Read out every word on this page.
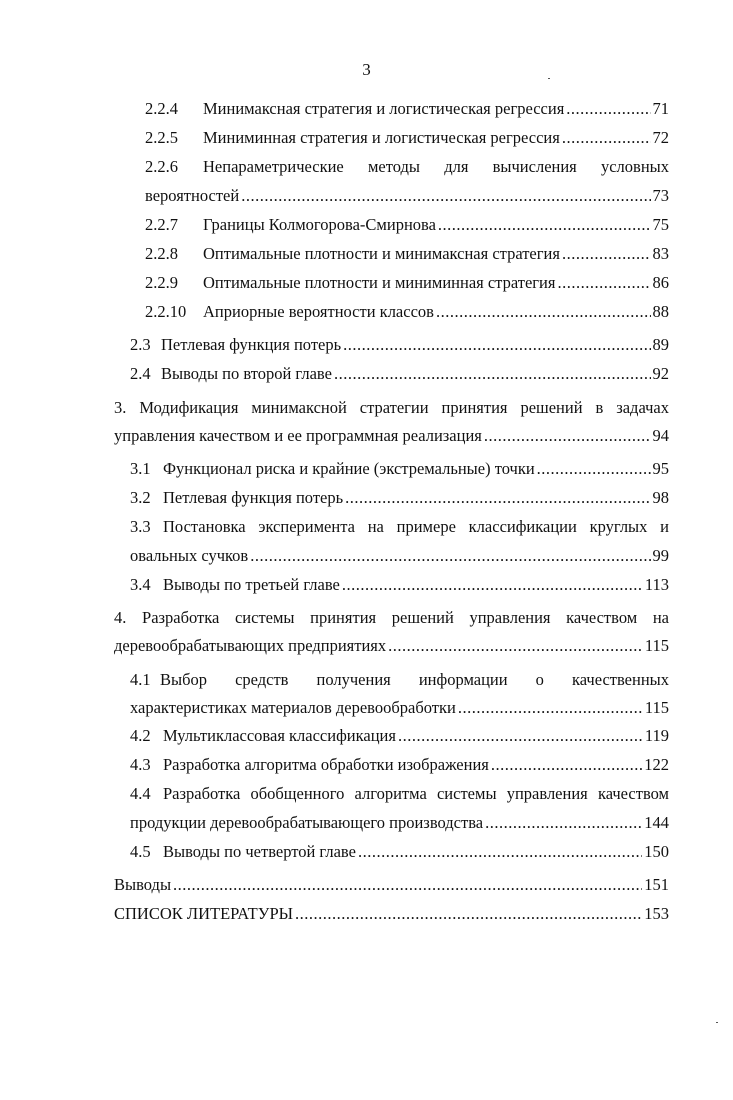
3
2.2.4 Минимаксная стратегия и логистическая регрессия .....	71
2.2.5 Миниминная стратегия и логистическая регрессия .....	72
2.2.6 Непараметрические методы для вычисления условных
вероятностей .....	73
2.2.7 Границы Колмогорова-Смирнова .....	75
2.2.8 Оптимальные плотности и минимаксная стратегия .....	83
2.2.9 Оптимальные плотности и миниминная стратегия .....	86
2.2.10 Априорные вероятности классов .....	88
2.3 Петлевая функция потерь .....	89
2.4 Выводы по второй главе .....	92
3. Модификация минимаксной стратегии принятия решений в задачах
управления качеством и ее программная реализация .....	94
3.1 Функционал риска и крайние (экстремальные) точки .....	95
3.2 Петлевая функция потерь .....	98
3.3 Постановка эксперимента на примере классификации круглых и
овальных сучков .....	99
3.4 Выводы по третьей главе .....	113
4. Разработка системы принятия решений управления качеством на
деревообрабатывающих предприятиях .....	115
4.1 Выбор средств получения информации о качественных
характеристиках материалов деревообработки .....	115
4.2 Мультиклассовая классификация .....	119
4.3 Разработка алгоритма обработки изображения .....	122
4.4 Разработка обобщенного алгоритма системы управления качеством
продукции деревообрабатывающего производства .....	144
4.5 Выводы по четвертой главе .....	150
Выводы .....	151
СПИСОК ЛИТЕРАТУРЫ .....	153
